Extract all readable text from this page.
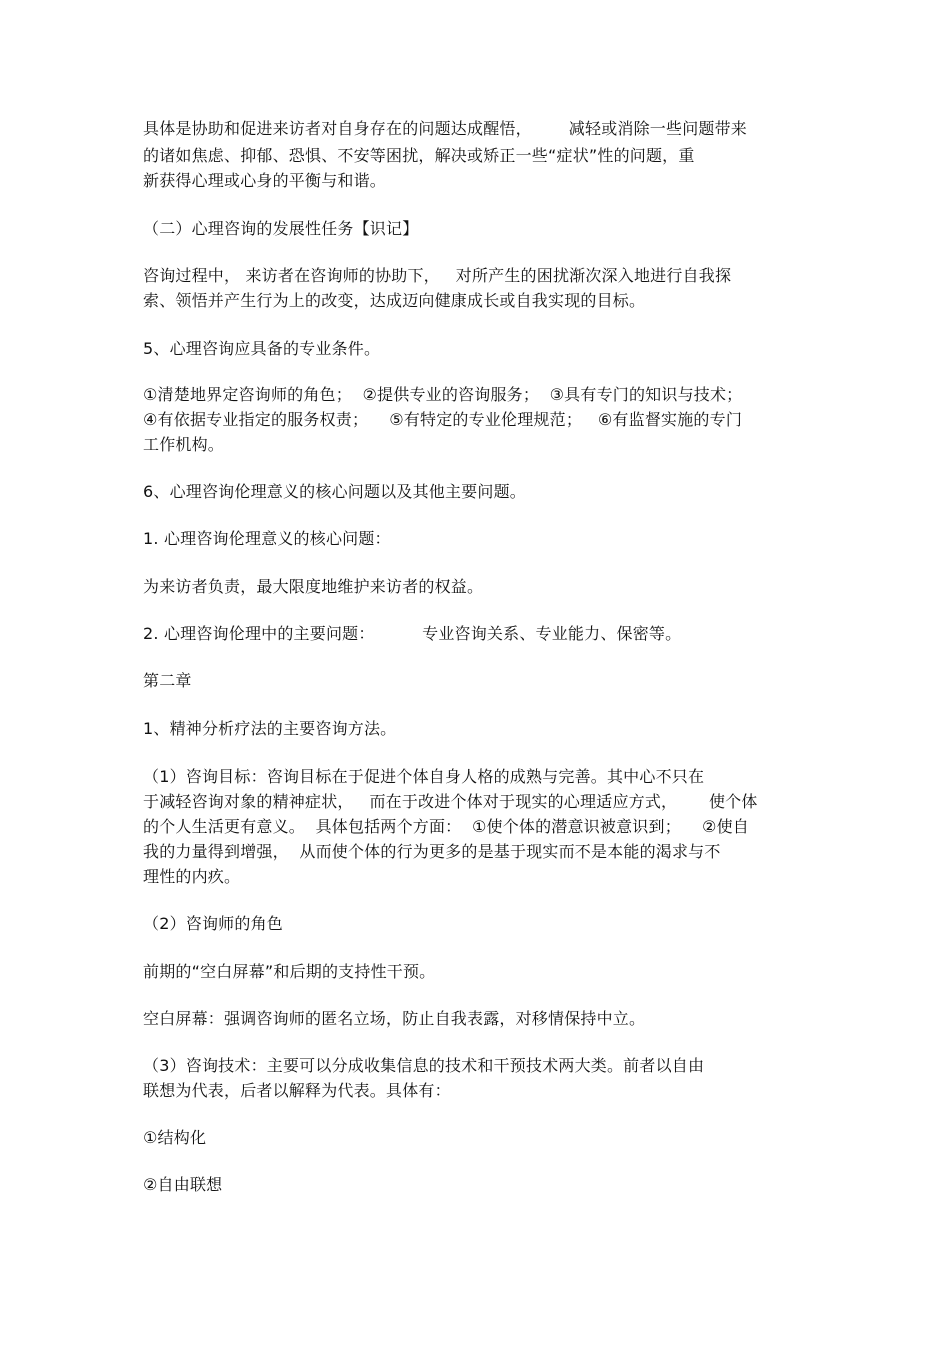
具体是协助和促进来访者对自身存在的问题达成醒悟，       减轻或消除一些问题带来
的诸如焦虑、抑郁、恐惧、不安等困扰，解决或矫正一些“症状”性的问题，重
新获得心理或心身的平衡与和谐。
（二）心理咨询的发展性任务【识记】
咨询过程中， 来访者在咨询师的协助下，   对所产生的困扰渐次深入地进行自我探
索、领悟并产生行为上的改变，达成迈向健康成长或自我实现的目标。
5、心理咨询应具备的专业条件。
①清楚地界定咨询师的角色；  ②提供专业的咨询服务；  ③具有专门的知识与技术；
④有依据专业指定的服务权责；    ⑤有特定的专业伦理规范；   ⑥有监督实施的专门
工作机构。
6、心理咨询伦理意义的核心问题以及其他主要问题。
1. 心理咨询伦理意义的核心问题：
为来访者负责，最大限度地维护来访者的权益。
2. 心理咨询伦理中的主要问题：         专业咨询关系、专业能力、保密等。
第二章
1、精神分析疗法的主要咨询方法。
（1）咨询目标：咨询目标在于促进个体自身人格的成熟与完善。其中心不只在
于减轻咨询对象的精神症状，   而在于改进个体对于现实的心理适应方式，      使个体
的个人生活更有意义。  具体包括两个方面：  ①使个体的潜意识被意识到；    ②使自
我的力量得到增强，  从而使个体的行为更多的是基于现实而不是本能的渴求与不
理性的内疚。
（2）咨询师的角色
前期的“空白屏幕”和后期的支持性干预。
空白屏幕：强调咨询师的匿名立场，防止自我表露，对移情保持中立。
（3）咨询技术：主要可以分成收集信息的技术和干预技术两大类。前者以自由
联想为代表，后者以解释为代表。具体有：
①结构化
②自由联想
